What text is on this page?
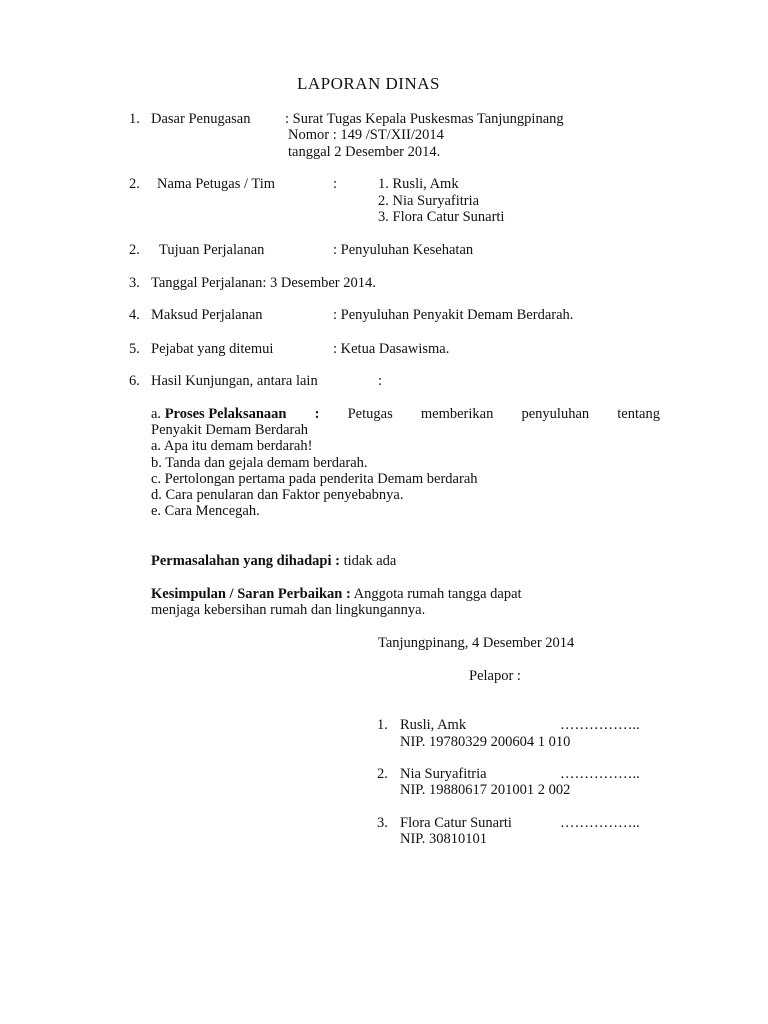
LAPORAN DINAS
1. Dasar Penugasan : Surat Tugas Kepala Puskesmas Tanjungpinang
Nomor : 149 /ST/XII/2014
tanggal 2 Desember 2014.
2. Nama Petugas / Tim	:	1. Rusli, Amk
2. Nia Suryafitria
3. Flora Catur Sunarti
2. Tujuan Perjalanan	: Penyuluhan Kesehatan
3. Tanggal Perjalanan: 3 Desember 2014.
4. Maksud Perjalanan	: Penyuluhan Penyakit Demam Berdarah.
5. Pejabat yang ditemui	: Ketua Dasawisma.
6. Hasil Kunjungan, antara lain	:
a. Proses Pelaksanaan : Petugas memberikan penyuluhan tentang
Penyakit Demam Berdarah
a. Apa itu demam berdarah!
b. Tanda dan gejala demam berdarah.
c. Pertolongan pertama pada penderita Demam berdarah
d. Cara penularan dan Faktor penyebabnya.
e. Cara Mencegah.
Permasalahan yang dihadapi : tidak ada
Kesimpulan / Saran Perbaikan : Anggota rumah tangga dapat
menjaga kebersihan rumah dan lingkungannya.
Tanjungpinang, 4 Desember 2014
Pelapor :
1. Rusli, Amk	……………..
NIP. 19780329 200604 1 010
2. Nia Suryafitria	……………..
NIP. 19880617 201001 2 002
3. Flora Catur Sunarti	……………..
NIP. 30810101
